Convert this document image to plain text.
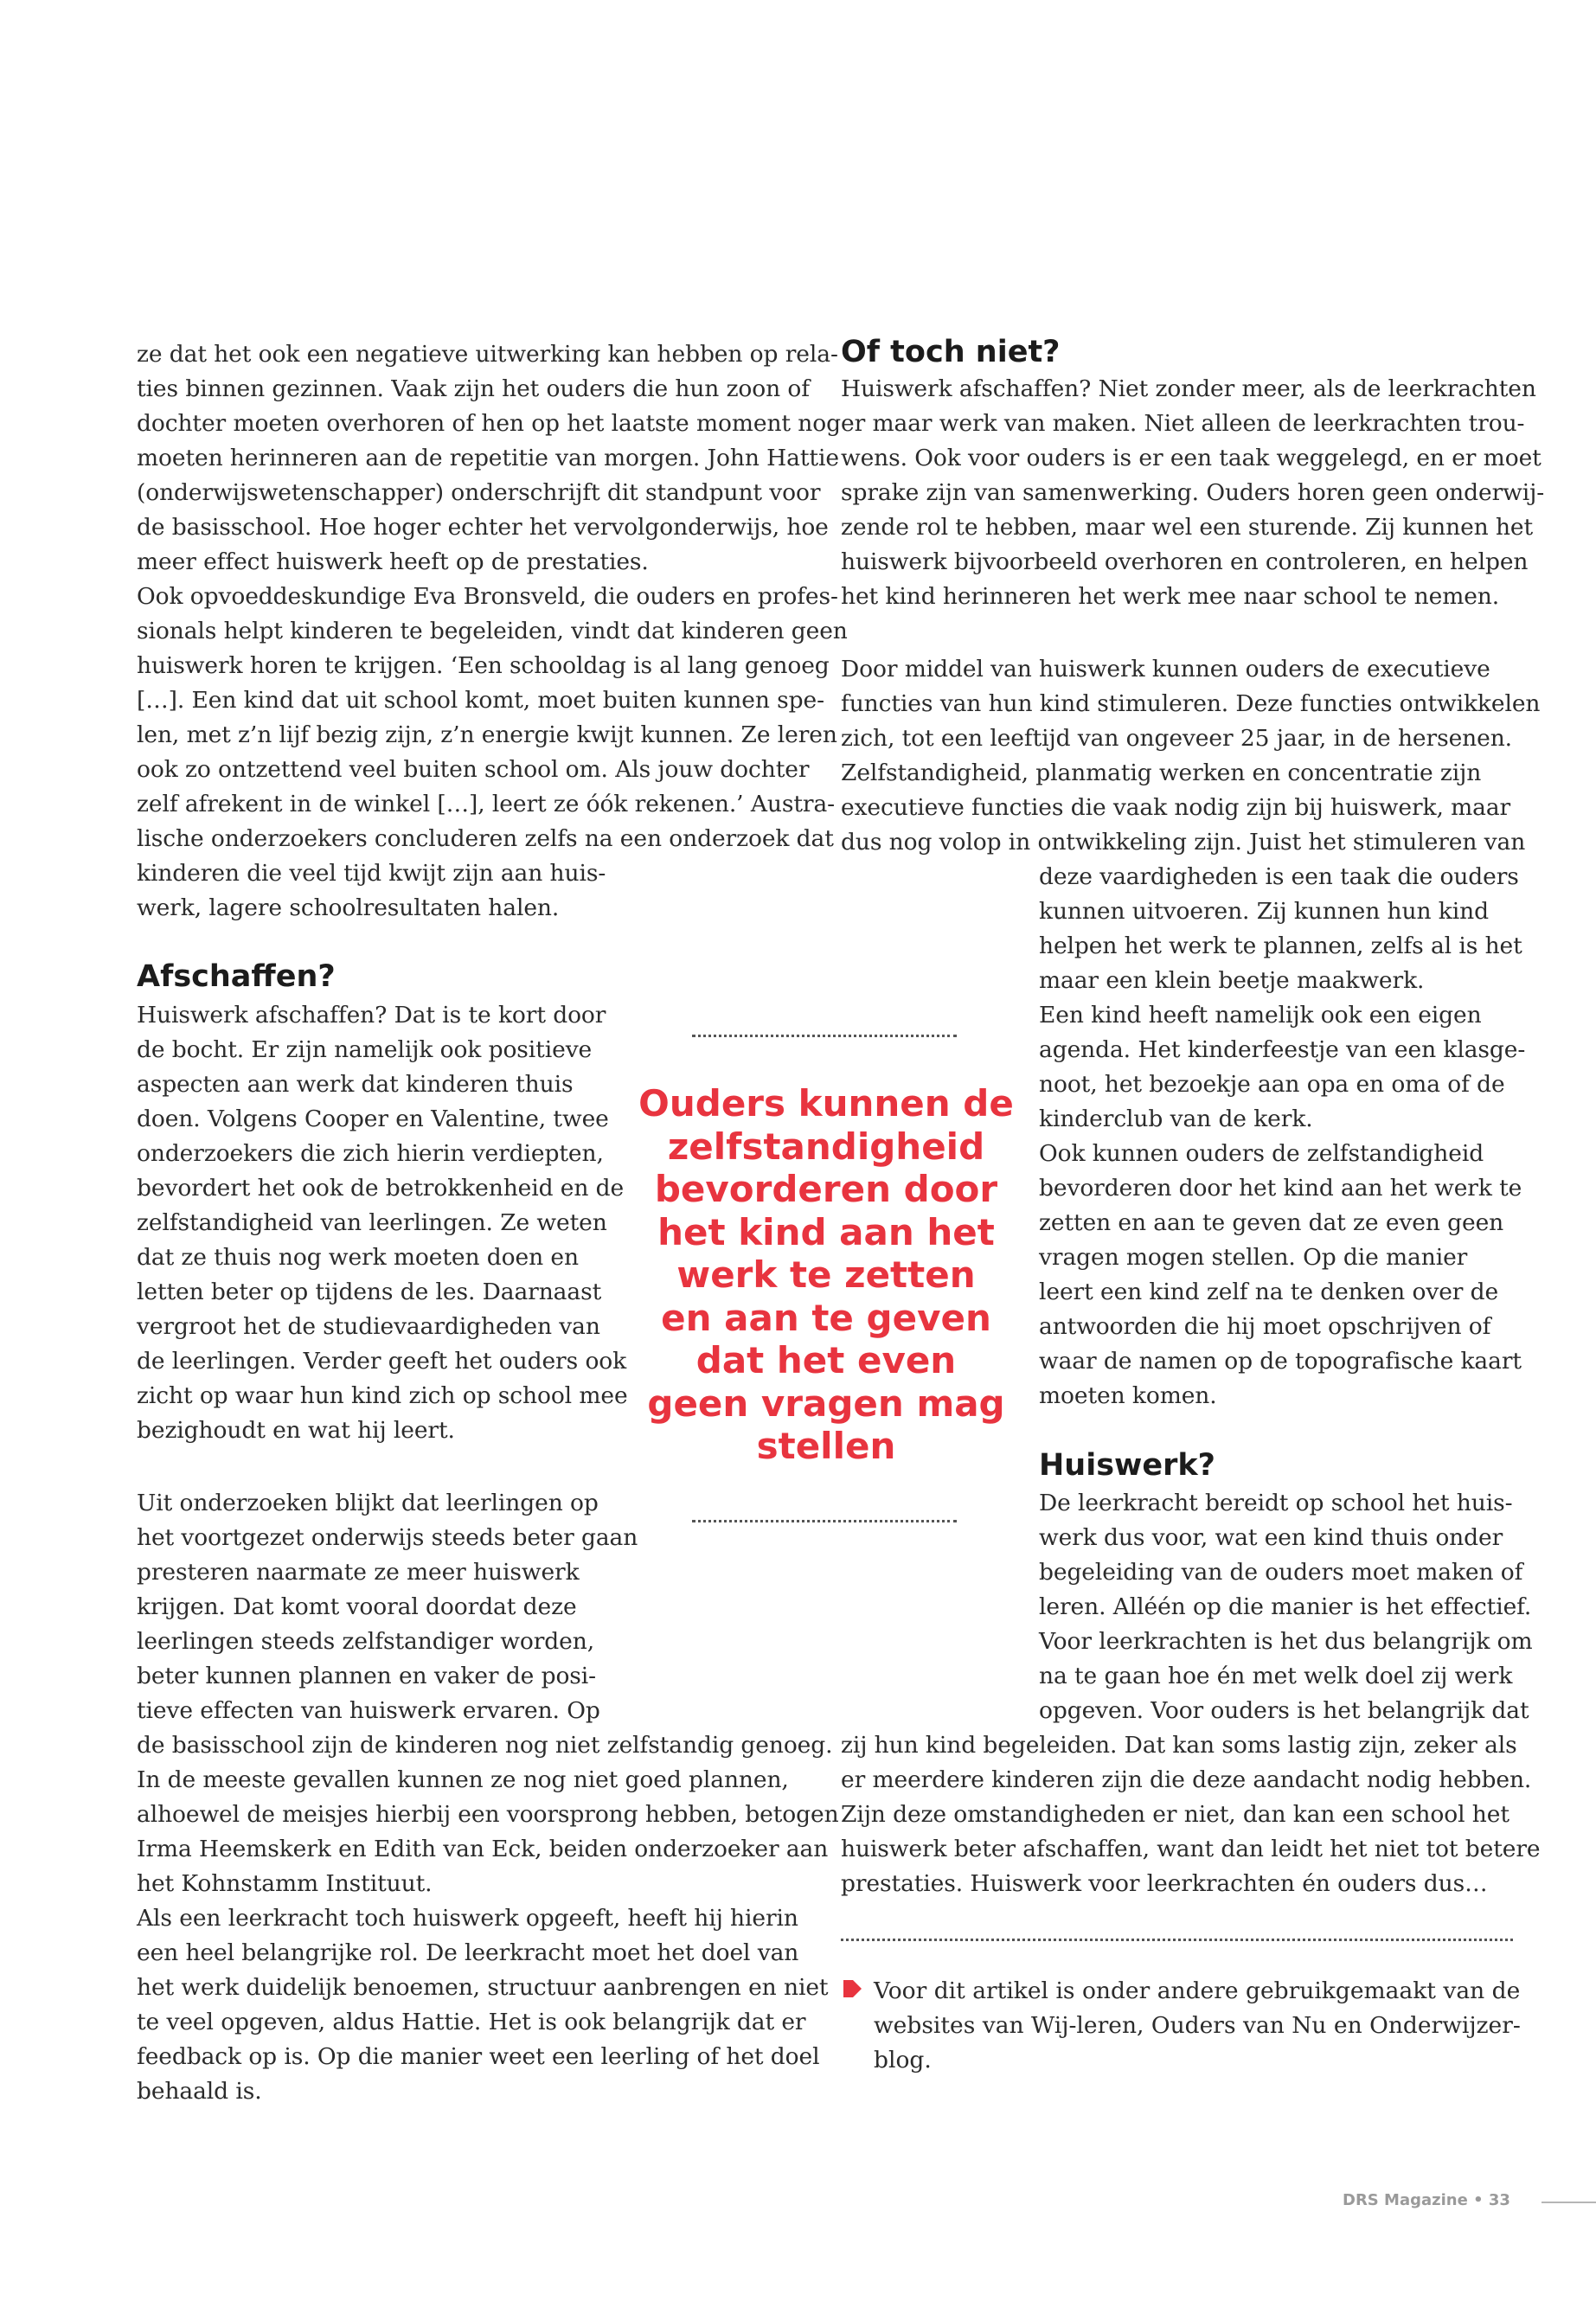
ze dat het ook een negatieve uitwerking kan hebben op rela-

ties binnen gezinnen. Vaak zijn het ouders die hun zoon of

dochter moeten overhoren of hen op het laatste moment nog

moeten herinneren aan de repetitie van morgen. John Hattie

(onderwijswetenschapper) onderschrijft dit standpunt voor

de basisschool. Hoe hoger echter het vervolgonderwijs, hoe

meer effect huiswerk heeft op de prestaties.

Ook opvoeddeskundige Eva Bronsveld, die ouders en profes-

sionals helpt kinderen te begeleiden, vindt dat kinderen geen

huiswerk horen te krijgen. ‘Een schooldag is al lang genoeg

[…]. Een kind dat uit school komt, moet buiten kunnen spe-

len, met z’n lijf bezig zijn, z’n energie kwijt kunnen. Ze leren

ook zo ontzettend veel buiten school om. Als jouw dochter

zelf afrekent in de winkel […], leert ze óók rekenen.’ Austra-

lische onderzoekers concluderen zelfs na een onderzoek dat

kinderen die veel tijd kwijt zijn aan huis-

werk, lagere schoolresultaten halen.

Afschaffen?

Huiswerk afschaffen? Dat is te kort door

de bocht. Er zijn namelijk ook positieve

aspecten aan werk dat kinderen thuis

doen. Volgens Cooper en Valentine, twee

onderzoekers die zich hierin verdiepten,

bevordert het ook de betrokkenheid en de

zelfstandigheid van leerlingen. Ze weten

dat ze thuis nog werk moeten doen en

letten beter op tijdens de les. Daarnaast

vergroot het de studievaardigheden van

de leerlingen. Verder geeft het ouders ook

zicht op waar hun kind zich op school mee

bezighoudt en wat hij leert.

Uit onderzoeken blijkt dat leerlingen op

het voortgezet onderwijs steeds beter gaan

presteren naarmate ze meer huiswerk

krijgen. Dat komt vooral doordat deze

leerlingen steeds zelfstandiger worden,

beter kunnen plannen en vaker de posi-

tieve effecten van huiswerk ervaren. Op

de basisschool zijn de kinderen nog niet zelfstandig genoeg.

In de meeste gevallen kunnen ze nog niet goed plannen,

alhoewel de meisjes hierbij een voorsprong hebben, betogen

Irma Heemskerk en Edith van Eck, beiden onderzoeker aan

het Kohnstamm Instituut.

Als een leerkracht toch huiswerk opgeeft, heeft hij hierin

een heel belangrijke rol. De leerkracht moet het doel van

het werk duidelijk benoemen, structuur aanbrengen en niet

te veel opgeven, aldus Hattie. Het is ook belangrijk dat er

feedback op is. Op die manier weet een leerling of het doel

behaald is.

Ouders kunnen de
zelfstandigheid
bevorderen door
het kind aan het
werk te zetten
en aan te geven
dat het even
geen vragen mag
stellen
Of toch niet?

Huiswerk afschaffen? Niet zonder meer, als de leerkrachten

er maar werk van maken. Niet alleen de leerkrachten trou-

wens. Ook voor ouders is er een taak weggelegd, en er moet

sprake zijn van samenwerking. Ouders horen geen onderwij-

zende rol te hebben, maar wel een sturende. Zij kunnen het

huiswerk bijvoorbeeld overhoren en controleren, en helpen

het kind herinneren het werk mee naar school te nemen.

Door middel van huiswerk kunnen ouders de executieve

functies van hun kind stimuleren. Deze functies ontwikkelen

zich, tot een leeftijd van ongeveer 25 jaar, in de hersenen.

Zelfstandigheid, planmatig werken en concentratie zijn

executieve functies die vaak nodig zijn bij huiswerk, maar

dus nog volop in ontwikkeling zijn. Juist het stimuleren van

deze vaardigheden is een taak die ouders

kunnen uitvoeren. Zij kunnen hun kind

helpen het werk te plannen, zelfs al is het

maar een klein beetje maakwerk.

Een kind heeft namelijk ook een eigen

agenda. Het kinderfeestje van een klasge-

noot, het bezoekje aan opa en oma of de

kinderclub van de kerk.

Ook kunnen ouders de zelfstandigheid

bevorderen door het kind aan het werk te

zetten en aan te geven dat ze even geen

vragen mogen stellen. Op die manier

leert een kind zelf na te denken over de

antwoorden die hij moet opschrijven of

waar de namen op de topografische kaart

moeten komen.

Huiswerk?

De leerkracht bereidt op school het huis-

werk dus voor, wat een kind thuis onder

begeleiding van de ouders moet maken of

leren. Alléén op die manier is het effectief.

Voor leerkrachten is het dus belangrijk om

na te gaan hoe én met welk doel zij werk

opgeven. Voor ouders is het belangrijk dat

zij hun kind begeleiden. Dat kan soms lastig zijn, zeker als

er meerdere kinderen zijn die deze aandacht nodig hebben.

Zijn deze omstandigheden er niet, dan kan een school het

huiswerk beter afschaffen, want dan leidt het niet tot betere

prestaties. Huiswerk voor leerkrachten én ouders dus…

Voor dit artikel is onder andere gebruikgemaakt van de

websites van Wij-leren, Ouders van Nu en Onderwijzer-

blog.

DRS Magazine • 33
